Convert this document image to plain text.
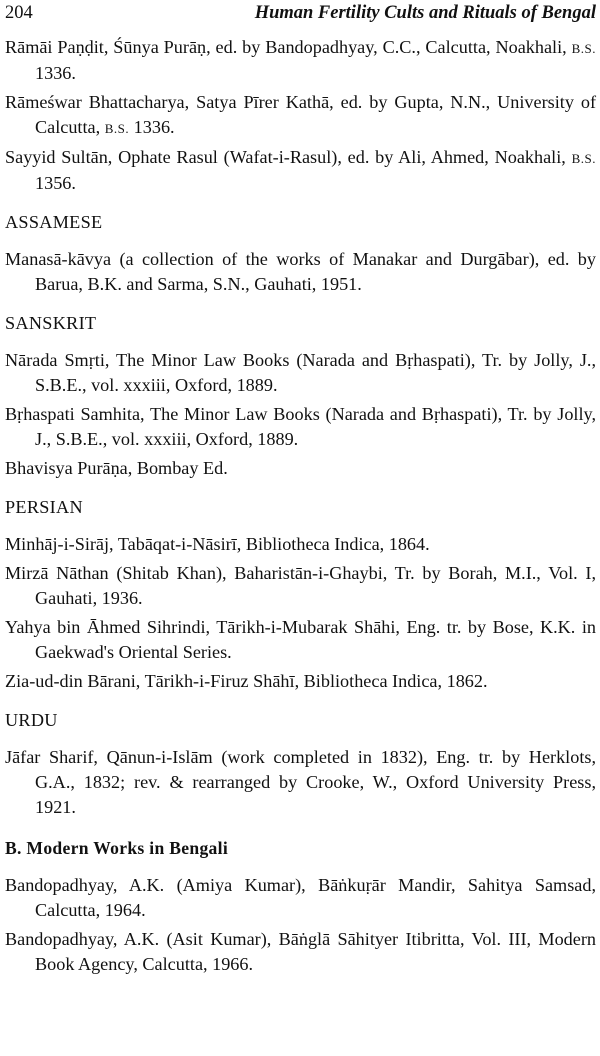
204	Human Fertility Cults and Rituals of Bengal

Rāmāi Paṇḍit, Śūnya Purāṇ, ed. by Bandopadhyay, C.C., Calcutta, Noakhali, B.S. 1336.

Rāmeśwar Bhattacharya, Satya Pīrer Kathā, ed. by Gupta, N.N., University of Calcutta, B.S. 1336.

Sayyid Sultān, Ophate Rasul (Wafat-i-Rasul), ed. by Ali, Ahmed, Noakhali, B.S. 1356.

ASSAMESE

Manasā-kāvya (a collection of the works of Manakar and Durgābar), ed. by Barua, B.K. and Sarma, S.N., Gauhati, 1951.

SANSKRIT

Nārada Smṛti, The Minor Law Books (Narada and Bṛhaspati), Tr. by Jolly, J., S.B.E., vol. xxxiii, Oxford, 1889.

Bṛhaspati Samhita, The Minor Law Books (Narada and Bṛhaspati), Tr. by Jolly, J., S.B.E., vol. xxxiii, Oxford, 1889.

Bhavisya Purāṇa, Bombay Ed.

PERSIAN

Minhāj-i-Sirāj, Tabāqat-i-Nāsirī, Bibliotheca Indica, 1864.

Mirzā Nāthan (Shitab Khan), Baharistān-i-Ghaybi, Tr. by Borah, M.I., Vol. I, Gauhati, 1936.

Yahya bin Āhmed Sihrindi, Tārikh-i-Mubarak Shāhi, Eng. tr. by Bose, K.K. in Gaekwad's Oriental Series.

Zia-ud-din Bārani, Tārikh-i-Firuz Shāhī, Bibliotheca Indica, 1862.

URDU

Jāfar Sharif, Qānun-i-Islām (work completed in 1832), Eng. tr. by Herklots, G.A., 1832; rev. & rearranged by Crooke, W., Oxford University Press, 1921.

B. Modern Works in Bengali

Bandopadhyay, A.K. (Amiya Kumar), Bāṅkuṛār Mandir, Sahitya Samsad, Calcutta, 1964.

Bandopadhyay, A.K. (Asit Kumar), Bāṅglā Sāhityer Itibritta, Vol. III, Modern Book Agency, Calcutta, 1966.
